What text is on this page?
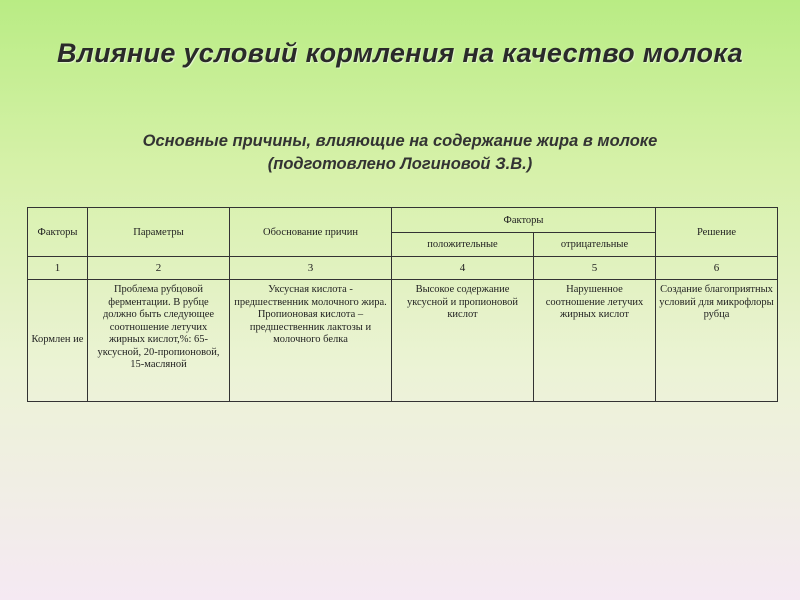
Влияние условий кормления на качество молока
Основные причины, влияющие на содержание жира в молоке
(подготовлено Логиновой З.В.)
Факторы	Параметры	Обоснование причин	Факторы		Решение
			положительные	отрицательные	
1	2	3	4	5	6
Кормлен ие	Проблема рубцовой ферментации. В рубце должно быть следующее соотношение летучих жирных кислот,%: 65-уксусной, 20-пропионовой, 15-масляной	Уксусная кислота - предшественник молочного жира. Пропионовая кислота – предшественник лактозы и молочного белка	Высокое содержание уксусной и пропионовой кислот	Нарушенное соотношение летучих жирных кислот	Создание благоприятных условий для микрофлоры рубца
